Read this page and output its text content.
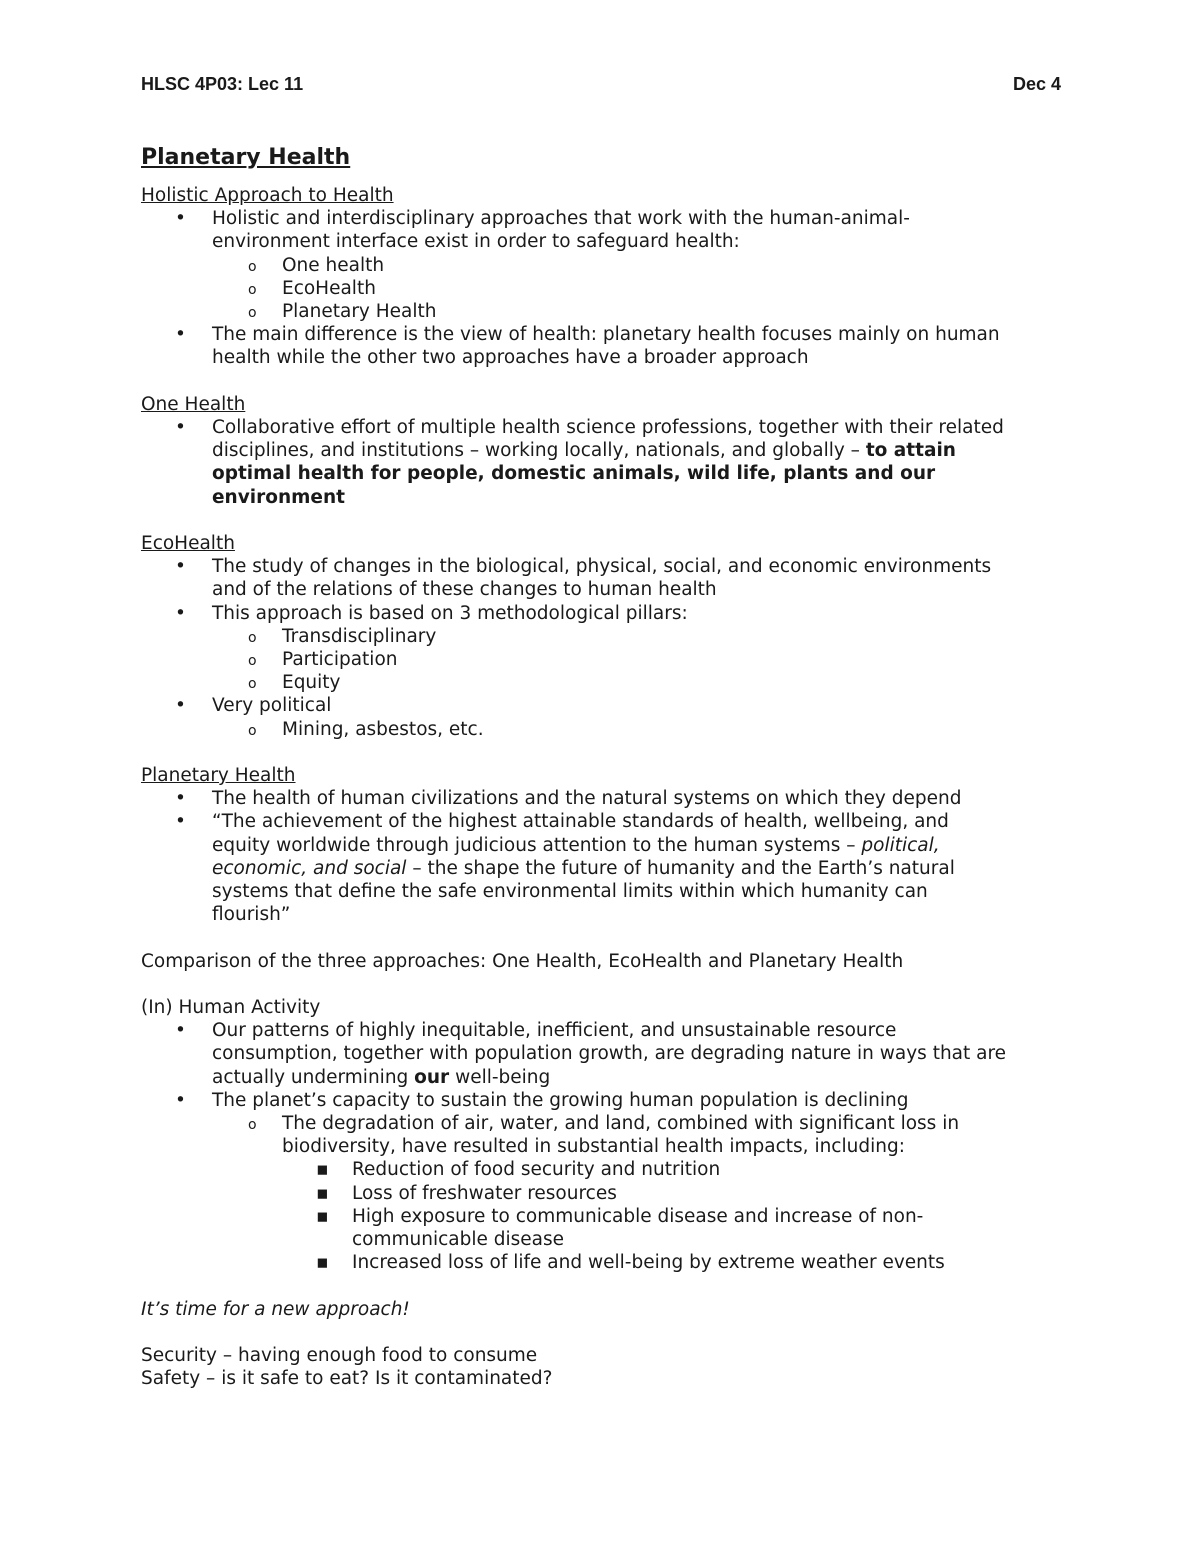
HLSC 4P03: Lec 11	Dec 4
Planetary Health
Holistic Approach to Health
• Holistic and interdisciplinary approaches that work with the human-animal-
environment interface exist in order to safeguard health:
o One health
o EcoHealth
o Planetary Health
• The main difference is the view of health: planetary health focuses mainly on human
health while the other two approaches have a broader approach
One Health
• Collaborative effort of multiple health science professions, together with their related
disciplines, and institutions – working locally, nationals, and globally – to attain
optimal health for people, domestic animals, wild life, plants and our
environment
EcoHealth
• The study of changes in the biological, physical, social, and economic environments
and of the relations of these changes to human health
• This approach is based on 3 methodological pillars:
o Transdisciplinary
o Participation
o Equity
• Very political
o Mining, asbestos, etc.
Planetary Health
• The health of human civilizations and the natural systems on which they depend
• “The achievement of the highest attainable standards of health, wellbeing, and
equity worldwide through judicious attention to the human systems – political,
economic, and social – the shape the future of humanity and the Earth’s natural
systems that define the safe environmental limits within which humanity can
flourish”
Comparison of the three approaches: One Health, EcoHealth and Planetary Health
(In) Human Activity
• Our patterns of highly inequitable, inefficient, and unsustainable resource
consumption, together with population growth, are degrading nature in ways that are
actually undermining our well-being
• The planet’s capacity to sustain the growing human population is declining
o The degradation of air, water, and land, combined with significant loss in
biodiversity, have resulted in substantial health impacts, including:
▪ Reduction of food security and nutrition
▪ Loss of freshwater resources
▪ High exposure to communicable disease and increase of non-
communicable disease
▪ Increased loss of life and well-being by extreme weather events
It’s time for a new approach!
Security – having enough food to consume
Safety – is it safe to eat? Is it contaminated?
